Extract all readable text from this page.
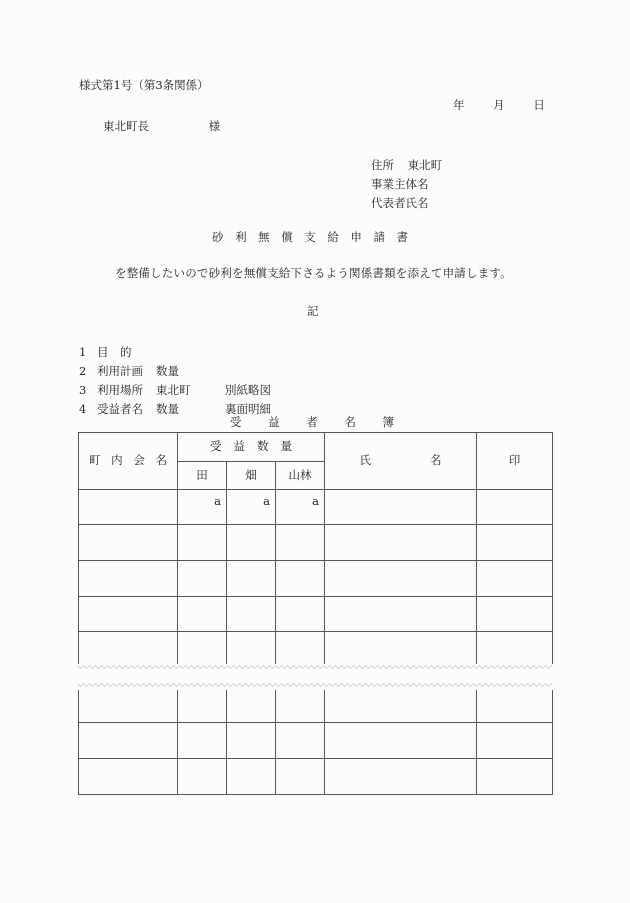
様式第1号（第3条関係）
年 月 日
東北町長	様
住所 東北町
事業主体名
代表者氏名
砂 利 無 償 支 給 申 請 書
を整備したいので砂利を無償支給下さるよう関係書類を添えて申請します。
記
1 目　的
2 利用計画 数量
3 利用場所 東北町	別紙略図
4 受益者名 数量	裏面明細
受 益 者 名 簿
町 内 会 名	受 益 数 量			氏 名	印
	田	畑	山林		
	a	a	a		
